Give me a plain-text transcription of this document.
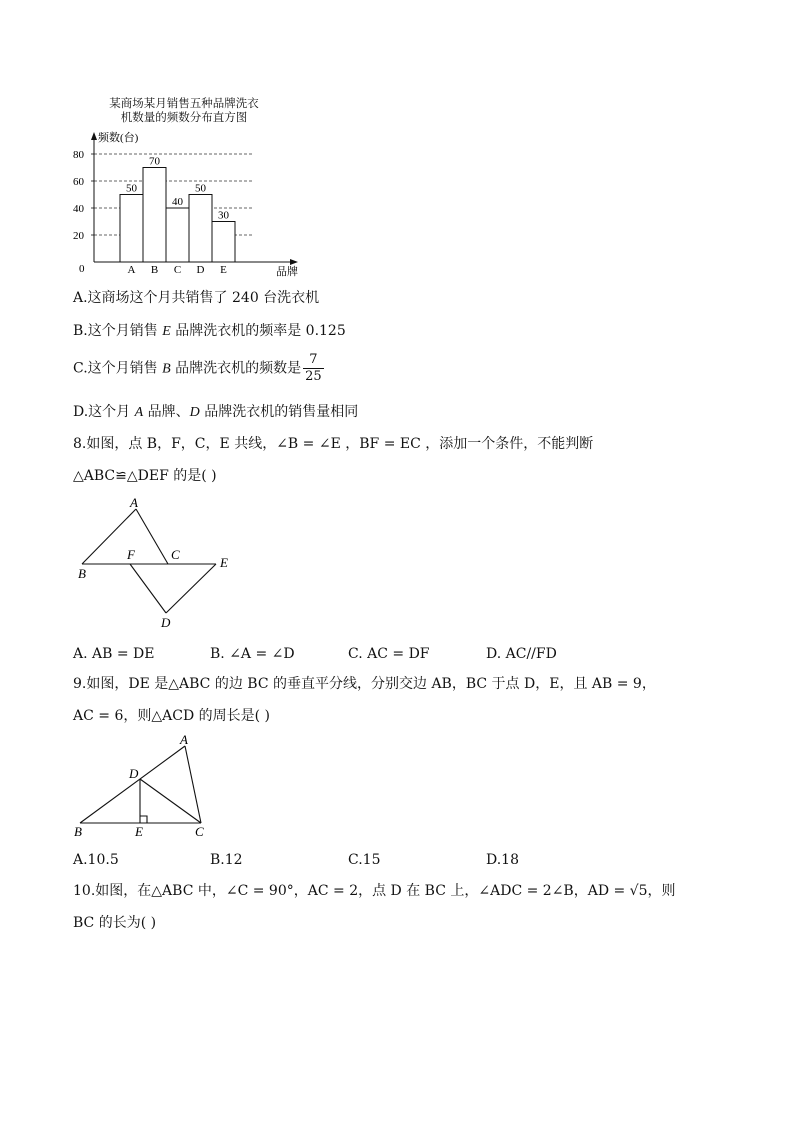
某商场某月销售五种品牌洗衣
机数量的频数分布直方图
20
40
60
80
50
A
70
B
40
C
50
D
30
E
频数(台)
品牌
0
A.这商场这个月共销售了 240 台洗衣机
B.这个月销售 E 品牌洗衣机的频率是 0.125
C.这个月销售 B 品牌洗衣机的频数是 $\frac{7}{25}$
D.这个月 A 品牌、D 品牌洗衣机的销售量相同
8.如图，点 B，F，C，E 共线，∠B = ∠E ，BF = EC ，添加一个条件，不能判断
△ABC≌△DEF 的是( )
A
B
F	C
E
D
A. AB = DE	B. ∠A = ∠D	C. AC = DF	D. AC//FD
9.如图，DE 是△ABC 的边 BC 的垂直平分线，分别交边 AB，BC 于点 D，E，且 AB = 9，
AC = 6，则△ACD 的周长是( )
A
D
B	E	C
A.10.5	B.12	C.15	D.18
10.如图，在△ABC 中，∠C = 90°，AC = 2，点 D 在 BC 上，∠ADC = 2∠B，AD = √5，则
BC 的长为( )
